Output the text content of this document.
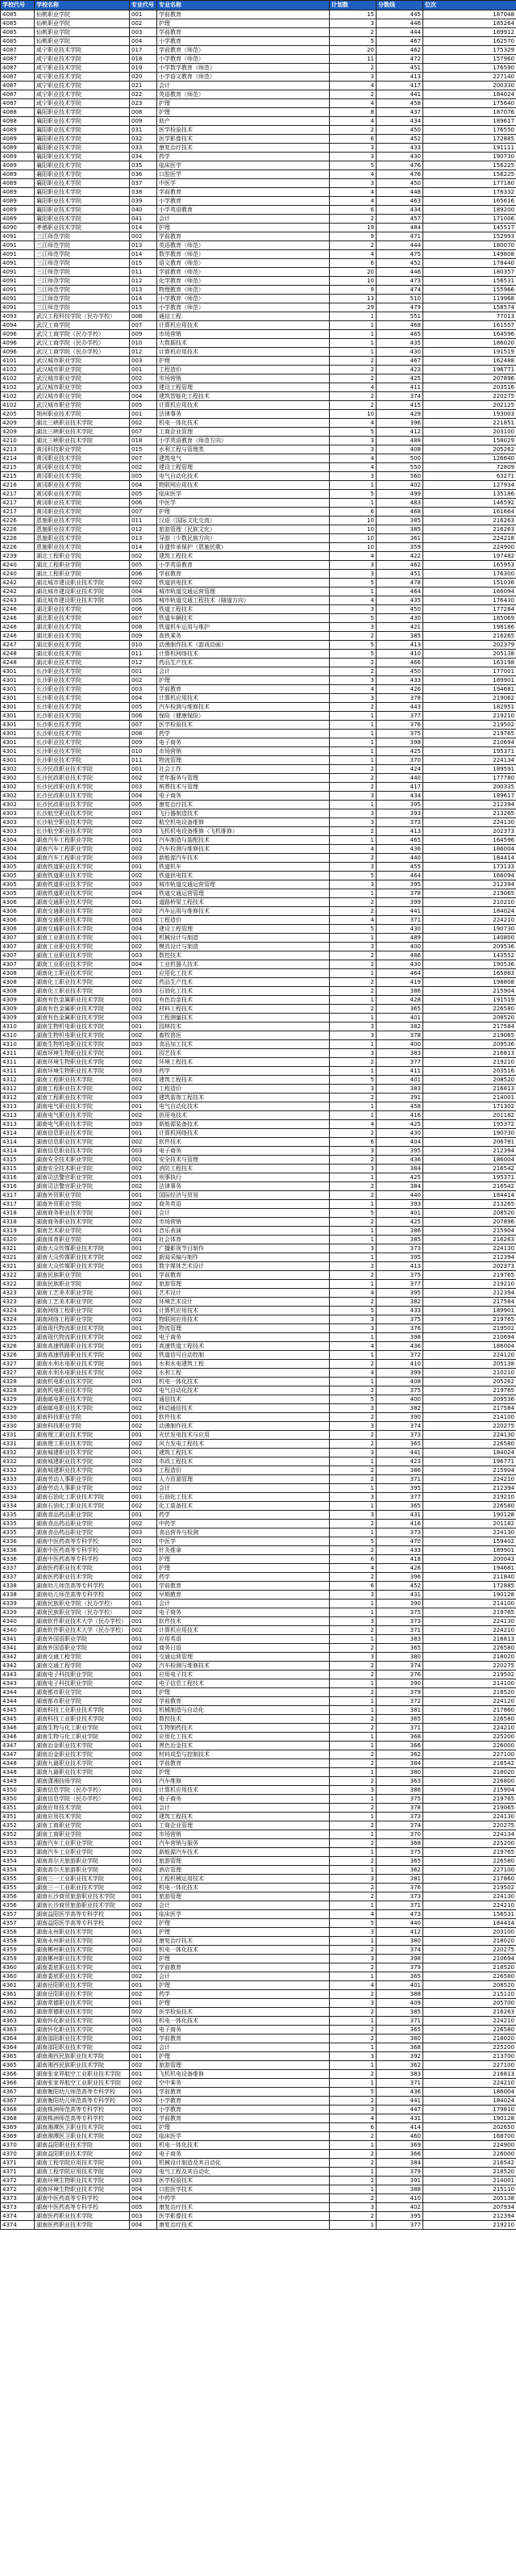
学校代号	学校名称	专业代号	专业名称	计划数	分数线	位次
4085	仙桃职业学院	001	学前教育	15	445	187048
4085	仙桃职业学院	002	护理	3	446	185264
4085	仙桃职业学院	003	学前教育	2	444	189912
4085	仙桃职业学院	004	小学教育	5	467	162570
4087	咸宁职业技术学院	017	学前教育（师范）	20	462	175329
4087	咸宁职业技术学院	018	小学教育（师范）	11	472	157960
4087	咸宁职业技术学院	019	小学数学教育（师范）	2	451	176590
4087	咸宁职业技术学院	020	小学语文教育（师范）	3	413	227140
4087	咸宁职业技术学院	021	会计	4	417	200330
4087	咸宁职业技术学院	022	英语教育（师范）	2	441	184024
4087	咸宁职业技术学院	023	护理	4	458	175640
4088	襄阳职业技术学院	008	护理	8	437	187076
4088	襄阳职业技术学院	009	助产	4	434	189617
4089	襄阳职业技术学院	031	医学检验技术	2	450	176550
4089	襄阳职业技术学院	032	医学影像技术	6	452	172885
4089	襄阳职业技术学院	033	康复治疗技术	3	433	191111
4089	襄阳职业技术学院	034	药学	3	430	190730
4089	襄阳职业技术学院	035	临床医学	5	476	156225
4089	襄阳职业技术学院	036	口腔医学	4	476	156225
4089	襄阳职业技术学院	037	中医学	3	450	177180
4089	襄阳职业技术学院	038	学前教育	4	448	178332
4089	襄阳职业技术学院	039	小学教育	4	463	165616
4089	襄阳职业技术学院	040	小学英语教育	6	434	189200
4089	襄阳职业技术学院	041	会计	2	457	171006
4090	孝感职业技术学院	014	护理	19	484	145517
4091	三江师范学院	002	学前教育	9	471	152993
4091	三江师范学院	013	英语教育（师范）	2	444	180070
4091	三江师范学院	014	数学教育（师范）	4	475	149808
4091	三江师范学院	015	语文教育（师范）	6	452	178440
4091	三江师范学院	011	学前教育（师范）	20	446	180357
4091	三江师范学院	012	化学教育（师范）	10	473	156531
4091	三江师范学院	013	物理教育（师范）	9	474	155966
4091	三江师范学院	014	小学教育（师范）	13	510	119968
4091	三江师范学院	015	小学教育（师范）	29	479	158574
4093	武汉工程科技学院（民办学校）	008	通信工程	1	551	77013
4094	武汉工商学院	007	计算机应用技术	1	468	161557
4096	武汉工商学院（民办学校）	009	市场营销	1	465	164596
4096	武汉工商学院（民办学校）	010	大数据技术	1	435	186020
4096	武汉工商学院（民办学校）	012	计算机应用技术	1	430	191519
4101	武汉城市职业学院	003	护理	2	467	162488
4102	武汉城市职业学院	001	工程造价	2	423	196771
4102	武汉城市职业学院	002	市场营销	2	425	207896
4102	武汉城市职业学院	003	建设工程管理	4	411	203516
4102	武汉城市职业学院	004	建筑智能化工程技术	2	374	220275
4102	武汉城市职业学院	005	计算机应用技术	2	415	202125
4205	荆州职业技术学院	001	法律事务	10	429	193003
4209	湖北三峡职业技术学院	002	机电一体化技术	4	396	221851
4209	湖北三峡职业技术学院	007	工商企业管理	5	412	203100
4210	湖北三峡职业技术学院	018	小学英语教育（师范方向）	3	488	158029
4213	黄冈科技职业学院	015	水利工程与管理类	3	408	205262
4214	黄冈职业技术学院	007	建筑电气	4	500	126640
4215	黄冈职业技术学院	002	建设工程管理	4	550	72809
4215	黄冈职业技术学院	005	电气自动化技术	3	560	63271
4216	黄冈职业技术学院	004	物联网应用技术	1	402	127934
4217	黄冈职业技术学院	005	临床医学	5	499	135186
4217	黄冈职业技术学院	006	中医学	1	483	146592
4217	黄冈职业技术学院	007	护理	6	468	161664
4226	恩施职业技术学院	011	汉语（国际文化交流）	10	385	216263
4226	恩施职业技术学院	012	旅游管理（民族文化）	10	385	216263
4226	恩施职业技术学院	013	导游（少数民族方向）	10	361	224218
4226	恩施职业技术学院	014	非遗传承保护（恩施民歌）	10	359	224900
4239	湖北工程职业学院	002	建筑工程技术	4	422	197482
4240	湖北工程职业学院	005	小学英语教育	3	462	165953
4240	湖北工程职业学院	006	学前教育	3	451	176300
4242	湖北城市建设职业技术学院	002	铁道供电技术	5	478	151036
4242	湖北城市建设职业技术学院	004	城市轨道交通运营管理	1	464	166094
4243	湖北城市建设职业技术学院	005	城市轨道交通工程技术（隧道方向）	4	435	176430
4246	湖北职业技术学院	006	铁道工程技术	3	450	177284
4246	湖北职业技术学院	007	铁道车辆技术	5	430	185069
4246	湖北职业技术学院	008	铁道机车运用与维护	3	421	198186
4246	湖北职业技术学院	009	高铁乘务	2	385	216265
4247	湖北职业技术学院	010	动漫制作技术（游戏动画）	5	413	202379
4248	湖北职业技术学院	011	计算机网络技术	5	410	205138
4248	湖北职业技术学院	012	药品生产技术	2	466	163198
4301	长沙职业技术学院	001	会计	2	450	177001
4301	长沙职业技术学院	002	护理	3	433	189901
4301	长沙职业技术学院	003	学前教育	4	426	194681
4301	长沙职业技术学院	004	计算机应用技术	3	378	219062
4301	长沙职业技术学院	005	汽车检测与维修技术	2	443	182951
4301	长沙职业技术学院	006	保险（健康保险）	1	377	219210
4301	长沙职业技术学院	007	医学检验技术	1	376	219502
4301	长沙职业技术学院	008	药学	1	375	219765
4301	长沙职业技术学院	009	电子商务	1	398	210694
4301	长沙职业技术学院	010	市场营销	1	425	195371
4301	长沙职业技术学院	011	物流管理	1	370	224134
4302	长沙民政职业技术学院	001	社会工作	2	424	189591
4302	长沙民政职业技术学院	002	老年服务与管理	2	440	177780
4302	长沙民政职业技术学院	003	殡葬技术与管理	2	417	200335
4302	长沙民政职业技术学院	004	电子商务	3	434	189617
4302	长沙民政职业技术学院	005	康复治疗技术	1	395	212394
4303	长沙航空职业技术学院	001	飞行器制造技术	3	393	213265
4303	长沙航空职业技术学院	002	航空机电设备维修	3	373	224130
4303	长沙航空职业技术学院	003	飞机机电设备维修（飞机维修）	2	413	202373
4304	湖南汽车工程职业学院	001	汽车制造与装配技术	1	465	164596
4304	湖南汽车工程职业学院	002	汽车检测与维修技术	4	436	186004
4304	湖南汽车工程职业学院	003	新能源汽车技术	2	440	184414
4305	湖南铁道职业技术学院	001	铁道机车	3	455	173133
4305	湖南铁道职业技术学院	002	铁道供电技术	5	464	166094
4305	湖南铁道职业技术学院	003	城市轨道交通运营管理	3	395	212394
4305	湖南铁道职业技术学院	004	铁道交通运营管理	1	378	219065
4306	湖南交通职业技术学院	001	道路桥梁工程技术	2	399	210210
4306	湖南交通职业技术学院	002	汽车运用与维修技术	2	441	184024
4306	湖南交通职业技术学院	003	工程造价	4	371	224210
4306	湖南交通职业技术学院	004	建设工程管理	5	430	190730
4307	湖南工业职业技术学院	001	机械设计与制造	1	489	140800
4307	湖南工业职业技术学院	002	模具设计与制造	3	400	209536
4307	湖南工业职业技术学院	003	数控技术	2	486	143552
4307	湖南工业职业技术学院	004	工业机器人技术	2	430	190536
4308	湖南化工职业技术学院	001	应用化工技术	1	464	165883
4308	湖南化工职业技术学院	002	药品生产技术	2	419	198808
4308	湖南化工职业技术学院	003	石油化工技术	2	386	215904
4309	湖南有色金属职业技术学院	001	有色冶金技术	1	428	191519
4309	湖南有色金属职业技术学院	002	材料工程技术	2	365	226580
4309	湖南有色金属职业技术学院	003	工程测量技术	1	401	208520
4310	湖南生物机电职业技术学院	001	园林技术	3	382	217584
4310	湖南生物机电职业技术学院	002	畜牧兽医	3	378	219065
4310	湖南生物机电职业技术学院	003	食品加工技术	1	400	209536
4311	湖南环境生物职业技术学院	001	园艺技术	3	383	216813
4311	湖南环境生物职业技术学院	002	环境工程技术	2	377	219210
4311	湖南环境生物职业技术学院	003	药学	1	411	203516
4312	湖南工程职业技术学院	001	建筑工程技术	5	401	208520
4312	湖南工程职业技术学院	002	工程造价	3	383	216813
4312	湖南工程职业技术学院	003	建筑装饰工程技术	2	391	214001
4313	湖南电气职业技术学院	001	电气自动化技术	1	458	171302
4313	湖南电气职业技术学院	002	供用电技术	1	416	201182
4313	湖南电气职业技术学院	003	新能源装备技术	4	425	195372
4314	湖南信息职业技术学院	001	计算机网络技术	2	430	190730
4314	湖南信息职业技术学院	002	软件技术	6	404	206781
4314	湖南信息职业技术学院	003	电子商务	3	395	212394
4315	湖南安全技术职业学院	001	安全技术与管理	2	436	186004
4315	湖南安全技术职业学院	002	消防工程技术	3	384	216542
4316	湖南司法警官职业学院	001	刑事执行	1	425	195371
4316	湖南司法警官职业学院	002	法律事务	2	384	216542
4317	湖南外贸职业学院	001	国际经济与贸易	2	440	184414
4317	湖南外贸职业学院	002	商务英语	1	393	213265
4318	湖南商务职业技术学院	001	会计	5	401	208520
4318	湖南商务职业技术学院	002	市场营销	2	425	207896
4319	湖南艺术职业学院	001	音乐表演	1	386	215904
4320	湖南体育职业学院	001	社会体育	1	385	216263
4321	湖南大众传媒职业技术学院	001	广播影视节目制作	3	373	224130
4321	湖南大众传媒职业技术学院	002	新闻采编与制作	1	395	212394
4321	湖南大众传媒职业技术学院	003	数字媒体艺术设计	2	413	202373
4322	湖南民族职业学院	001	学前教育	2	375	219765
4322	湖南民族职业学院	002	旅游管理	1	377	219210
4323	湖南工艺美术职业学院	001	艺术设计	4	395	212394
4323	湖南工艺美术职业学院	002	环境艺术设计	2	382	217584
4324	湖南网络工程职业学院	001	计算机应用技术	5	433	189901
4324	湖南网络工程职业学院	002	物联网应用技术	3	375	219765
4325	湖南现代物流职业技术学院	001	物流管理	3	376	219502
4325	湖南现代物流职业技术学院	002	电子商务	1	398	210694
4326	湖南高速铁路职业技术学院	001	高速铁道工程技术	4	436	186004
4326	湖南高速铁路职业技术学院	002	铁道信号自动控制	1	372	224120
4327	湖南水利水电职业技术学院	001	水利水电建筑工程	2	410	205138
4327	湖南水利水电职业技术学院	002	水利工程	4	399	210210
4328	湖南机电职业技术学院	001	机电一体化技术	1	408	205262
4328	湖南机电职业技术学院	002	电气自动化技术	2	375	219765
4329	湖南邮电职业技术学院	001	通信技术	5	400	209536
4329	湖南邮电职业技术学院	002	移动通信技术	3	382	217584
4330	湖南科技职业学院	001	软件技术	2	390	214100
4330	湖南科技职业学院	002	动漫制作技术	3	374	220275
4331	湖南理工职业技术学院	001	光伏发电技术与应用	2	373	224130
4331	湖南理工职业技术学院	002	风力发电工程技术	2	365	226580
4332	湖南城建职业技术学院	001	建筑工程技术	3	441	184024
4332	湖南城建职业技术学院	002	市政工程技术	1	423	196771
4332	湖南城建职业技术学院	003	工程造价	2	386	215904
4333	湖南劳动人事职业学院	001	人力资源管理	2	371	224210
4333	湖南劳动人事职业学院	002	会计	1	395	212394
4334	湖南石油化工职业技术学院	001	石油化工技术	3	377	219210
4334	湖南石油化工职业技术学院	002	化工装备技术	1	365	226580
4335	湖南食品药品职业学院	001	药学	3	431	190128
4335	湖南食品药品职业学院	002	中药学	2	416	201182
4335	湖南食品药品职业学院	003	食品营养与检测	1	373	224130
4336	湖南中医药高等专科学校	001	中医学	5	470	159402
4336	湖南中医药高等专科学校	002	针灸推拿	2	433	189901
4336	湖南中医药高等专科学校	003	护理	6	418	200043
4337	湖南医药职业技术学院	001	护理	4	426	194681
4337	湖南医药职业技术学院	002	药学	2	396	211840
4338	湖南幼儿师范高等专科学校	001	学前教育	6	452	172885
4338	湖南幼儿师范高等专科学校	002	早期教育	3	431	190128
4339	湖南民族职业学院（民办学校）	001	会计	1	390	214100
4339	湖南民族职业学院（民办学校）	002	电子商务	1	375	219765
4340	湖南软件职业技术大学（民办学校）	001	软件技术	3	373	224130
4340	湖南软件职业技术大学（民办学校）	002	计算机应用技术	2	371	224210
4341	湖南外国语职业学院	001	应用英语	1	383	216813
4341	湖南外国语职业学院	002	商务日语	2	365	226580
4342	湖南交通工程学院	001	交通运营管理	3	380	218020
4342	湖南交通工程学院	002	汽车检测与维修技术	2	374	220275
4343	湖南电子科技职业学院	001	应用电子技术	2	376	219502
4343	湖南电子科技职业学院	002	电子信息工程技术	1	390	214100
4344	湖南都市职业学院	001	护理	2	379	218520
4344	湖南都市职业学院	002	学前教育	1	372	224120
4345	湖南科技工业职业技术学院	001	机械制造与自动化	1	381	217860
4345	湖南科技工业职业技术学院	002	数控技术	2	365	226580
4346	湖南生物与化工职业学院	001	生物制药技术	2	371	224210
4346	湖南生物与化工职业学院	002	应用化工技术	1	368	225200
4347	湖南冶金职业技术学院	001	黑色冶金技术	1	366	226000
4347	湖南冶金职业技术学院	002	材料成型与控制技术	2	362	227100
4348	湖南九嶷职业技术学院	001	学前教育	2	384	216542
4348	湖南九嶷职业技术学院	002	护理	1	380	218020
4349	湖南潇湘技师学院	001	汽车维修	2	363	226800
4350	湖南信息学院（民办学校）	001	计算机应用技术	3	386	215904
4350	湖南信息学院（民办学校）	002	电子商务	1	375	219765
4351	湖南应用技术学院	001	会计	2	378	219065
4351	湖南应用技术学院	002	建筑工程技术	1	373	224130
4352	湖南工商职业学院	001	工商企业管理	2	374	220275
4352	湖南工商职业学院	002	市场营销	1	370	224134
4353	湖南汽车工业职业学院	001	汽车营销与服务	2	368	225200
4353	湖南汽车工业职业学院	002	新能源汽车技术	1	375	219765
4354	湖南高尔夫旅游职业学院	001	旅游管理	2	365	226580
4354	湖南高尔夫旅游职业学院	002	酒店管理	1	362	227100
4355	湖南三一工业职业技术学院	001	工程机械运用技术	3	381	217860
4355	湖南三一工业职业技术学院	002	机电一体化技术	2	376	219502
4356	湖南长沙商贸旅游职业技术学院	001	旅游管理	2	373	224130
4356	湖南长沙商贸旅游职业技术学院	002	会计	1	371	224210
4357	湖南益阳医学高等专科学校	001	临床医学	4	473	156531
4357	湖南益阳医学高等专科学校	002	护理	5	440	184414
4358	湖南永州职业技术学院	001	护理	3	412	203100
4358	湖南永州职业技术学院	002	康复治疗技术	1	380	218020
4359	湖南郴州职业技术学院	001	机电一体化技术	2	374	220275
4359	湖南郴州职业技术学院	002	护理	3	398	210694
4360	湖南娄底职业技术学院	001	学前教育	2	379	218520
4360	湖南娄底职业技术学院	002	会计	1	365	226580
4361	湖南岳阳职业技术学院	001	护理	4	401	208520
4361	湖南岳阳职业技术学院	002	药学	2	388	215110
4362	湖南常德职业技术学院	001	护理	3	409	205700
4362	湖南常德职业技术学院	002	医学检验技术	2	385	216263
4363	湖南怀化职业技术学院	001	机电一体化技术	1	371	224210
4363	湖南怀化职业技术学院	002	电子商务	2	365	226580
4364	湖南邵阳职业技术学院	001	学前教育	2	380	218020
4364	湖南邵阳职业技术学院	002	会计	1	368	225200
4365	湖南湘西民族职业技术学院	001	护理	3	392	213700
4365	湖南湘西民族职业技术学院	002	旅游管理	1	362	227100
4366	湖南张家界航空工业职业技术学院	001	飞机机电设备维修	2	383	216813
4366	湖南张家界航空工业职业技术学院	002	空中乘务	1	371	224210
4367	湖南衡阳幼儿师范高等专科学校	001	学前教育	5	436	186004
4367	湖南衡阳幼儿师范高等专科学校	002	小学教育	2	441	184024
4368	湖南株洲师范高等专科学校	001	小学教育	3	447	179810
4368	湖南株洲师范高等专科学校	002	学前教育	4	431	190128
4369	湖南湘潭医卫职业技术学院	001	护理	6	414	202650
4369	湖南湘潭医卫职业技术学院	002	临床医学	2	460	168700
4370	湖南益阳职业技术学院	001	机电一体化技术	1	369	224900
4370	湖南益阳职业技术学院	002	电子商务	2	366	226000
4371	湖南工程学院应用技术学院	001	机械设计制造及其自动化	2	384	216542
4371	湖南工程学院应用技术学院	002	电气工程及其自动化	1	379	218520
4372	湖南环境生物职业技术学院	003	医学检验技术	2	391	214001
4372	湖南环境生物职业技术学院	004	口腔医学技术	1	388	215110
4373	湖南中医药高等专科学校	004	中药学	2	410	205138
4373	湖南中医药高等专科学校	005	康复治疗技术	3	402	207934
4374	湖南医药职业技术学院	003	医学影像技术	2	395	212394
4374	湖南医药职业技术学院	004	康复治疗技术	1	377	219210
